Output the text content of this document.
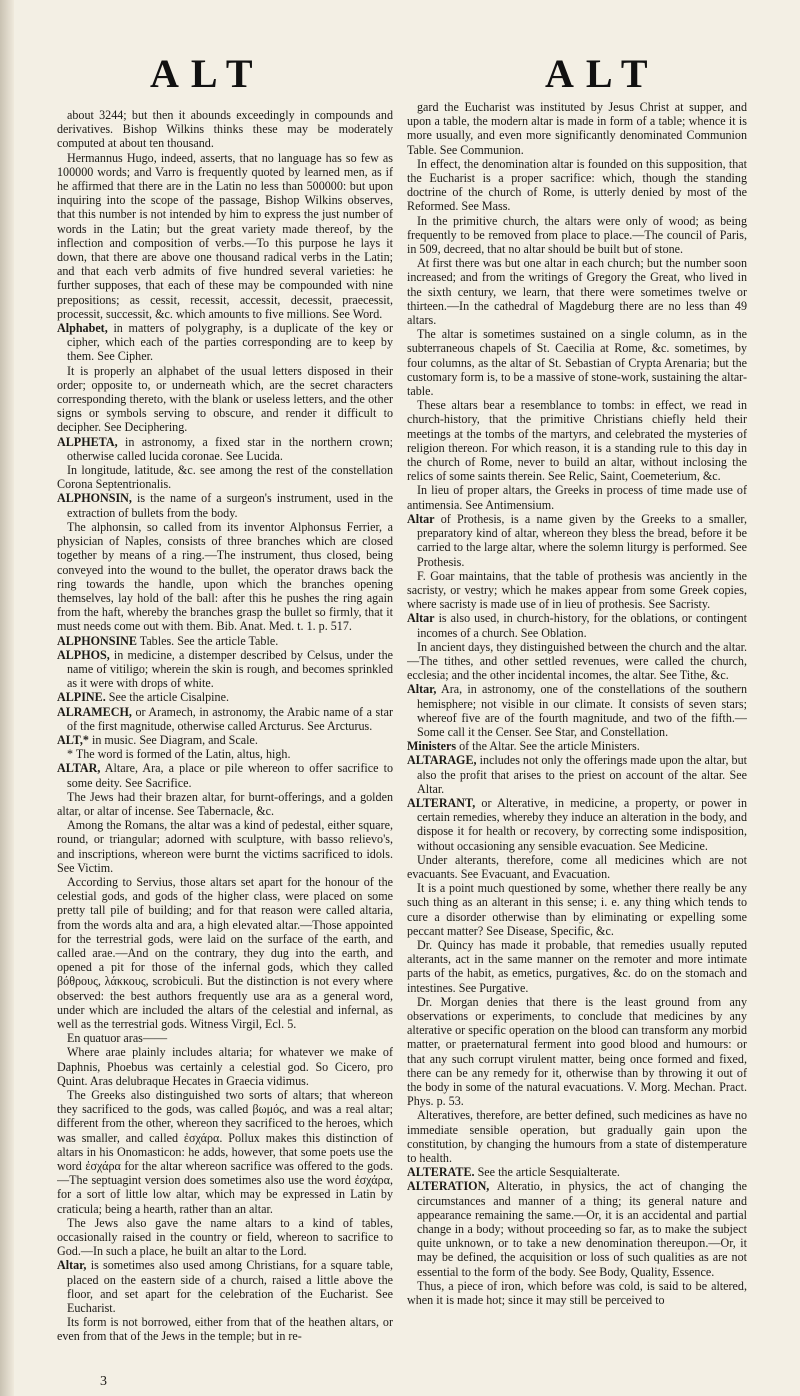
ALT	ALT

about 3244; but then it abounds exceedingly in compounds and derivatives. Bishop Wilkins thinks these may be moderately computed at about ten thousand.

Hermannus Hugo, indeed, asserts, that no language has so few as 100000 words; and Varro is frequently quoted by learned men, as if he affirmed that there are in the Latin no less than 500000: but upon inquiring into the scope of the passage, Bishop Wilkins observes, that this number is not intended by him to express the just number of words in the Latin; but the great variety made thereof, by the inflection and composition of verbs.—To this purpose he lays it down, that there are above one thousand radical verbs in the Latin; and that each verb admits of five hundred several varieties: he further supposes, that each of these may be compounded with nine prepositions; as cessit, recessit, accessit, decessit, praecessit, processit, successit, &c. which amounts to five millions. See Word.

Alphabet, in matters of polygraphy, is a duplicate of the key or cipher, which each of the parties corresponding are to keep by them. See Cipher.

It is properly an alphabet of the usual letters disposed in their order; opposite to, or underneath which, are the secret characters corresponding thereto, with the blank or useless letters, and the other signs or symbols serving to obscure, and render it difficult to decipher. See Deciphering.

ALPHETA, in astronomy, a fixed star in the northern crown; otherwise called lucida coronae. See Lucida.

In longitude, latitude, &c. see among the rest of the constellation Corona Septentrionalis.

ALPHONSIN, is the name of a surgeon's instrument, used in the extraction of bullets from the body.

The alphonsin, so called from its inventor Alphonsus Ferrier, a physician of Naples, consists of three branches which are closed together by means of a ring.—The instrument, thus closed, being conveyed into the wound to the bullet, the operator draws back the ring towards the handle, upon which the branches opening themselves, lay hold of the ball: after this he pushes the ring again from the haft, whereby the branches grasp the bullet so firmly, that it must needs come out with them. Bib. Anat. Med. t. 1. p. 517.

ALPHONSINE Tables. See the article Table.

ALPHOS, in medicine, a distemper described by Celsus, under the name of vitiligo; wherein the skin is rough, and becomes sprinkled as it were with drops of white.

ALPINE. See the article Cisalpine.

ALRAMECH, or Aramech, in astronomy, the Arabic name of a star of the first magnitude, otherwise called Arcturus. See Arcturus.

ALT,* in music. See Diagram, and Scale.

* The word is formed of the Latin, altus, high.

ALTAR, Altare, Ara, a place or pile whereon to offer sacrifice to some deity. See Sacrifice.

The Jews had their brazen altar, for burnt-offerings, and a golden altar, or altar of incense. See Tabernacle, &c.

Among the Romans, the altar was a kind of pedestal, either square, round, or triangular; adorned with sculpture, with basso relievo's, and inscriptions, whereon were burnt the victims sacrificed to idols. See Victim.

According to Servius, those altars set apart for the honour of the celestial gods, and gods of the higher class, were placed on some pretty tall pile of building; and for that reason were called altaria, from the words alta and ara, a high elevated altar.—Those appointed for the terrestrial gods, were laid on the surface of the earth, and called arae.—And on the contrary, they dug into the earth, and opened a pit for those of the infernal gods, which they called βόθρους, λάκκους, scrobiculi. But the distinction is not every where observed: the best authors frequently use ara as a general word, under which are included the altars of the celestial and infernal, as well as the terrestrial gods. Witness Virgil, Ecl. 5.

En quatuor aras——

Where arae plainly includes altaria; for whatever we make of Daphnis, Phoebus was certainly a celestial god. So Cicero, pro Quint. Aras delubraque Hecates in Graecia vidimus.

The Greeks also distinguished two sorts of altars; that whereon they sacrificed to the gods, was called βωμός, and was a real altar; different from the other, whereon they sacrificed to the heroes, which was smaller, and called ἐσχάρα. Pollux makes this distinction of altars in his Onomasticon: he adds, however, that some poets use the word ἐσχάρα for the altar whereon sacrifice was offered to the gods.—The septuagint version does sometimes also use the word ἐσχάρα, for a sort of little low altar, which may be expressed in Latin by craticula; being a hearth, rather than an altar.

The Jews also gave the name altars to a kind of tables, occasionally raised in the country or field, whereon to sacrifice to God.—In such a place, he built an altar to the Lord.

Altar, is sometimes also used among Christians, for a square table, placed on the eastern side of a church, raised a little above the floor, and set apart for the celebration of the Eucharist. See Eucharist.

Its form is not borrowed, either from that of the heathen altars, or even from that of the Jews in the temple; but in re-

gard the Eucharist was instituted by Jesus Christ at supper, and upon a table, the modern altar is made in form of a table; whence it is more usually, and even more significantly denominated Communion Table. See Communion.

In effect, the denomination altar is founded on this supposition, that the Eucharist is a proper sacrifice: which, though the standing doctrine of the church of Rome, is utterly denied by most of the Reformed. See Mass.

In the primitive church, the altars were only of wood; as being frequently to be removed from place to place.—The council of Paris, in 509, decreed, that no altar should be built but of stone.

At first there was but one altar in each church; but the number soon increased; and from the writings of Gregory the Great, who lived in the sixth century, we learn, that there were sometimes twelve or thirteen.—In the cathedral of Magdeburg there are no less than 49 altars.

The altar is sometimes sustained on a single column, as in the subterraneous chapels of St. Caecilia at Rome, &c. sometimes, by four columns, as the altar of St. Sebastian of Crypta Arenaria; but the customary form is, to be a massive of stone-work, sustaining the altar-table.

These altars bear a resemblance to tombs: in effect, we read in church-history, that the primitive Christians chiefly held their meetings at the tombs of the martyrs, and celebrated the mysteries of religion thereon. For which reason, it is a standing rule to this day in the church of Rome, never to build an altar, without inclosing the relics of some saints therein. See Relic, Saint, Coemeterium, &c.

In lieu of proper altars, the Greeks in process of time made use of antimensia. See Antimensium.

Altar of Prothesis, is a name given by the Greeks to a smaller, preparatory kind of altar, whereon they bless the bread, before it be carried to the large altar, where the solemn liturgy is performed. See Prothesis.

F. Goar maintains, that the table of prothesis was anciently in the sacristy, or vestry; which he makes appear from some Greek copies, where sacristy is made use of in lieu of prothesis. See Sacristy.

Altar is also used, in church-history, for the oblations, or contingent incomes of a church. See Oblation.

In ancient days, they distinguished between the church and the altar.—The tithes, and other settled revenues, were called the church, ecclesia; and the other incidental incomes, the altar. See Tithe, &c.

Altar, Ara, in astronomy, one of the constellations of the southern hemisphere; not visible in our climate. It consists of seven stars; whereof five are of the fourth magnitude, and two of the fifth.—Some call it the Censer. See Star, and Constellation.

Ministers of the Altar. See the article Ministers.

ALTARAGE, includes not only the offerings made upon the altar, but also the profit that arises to the priest on account of the altar. See Altar.

ALTERANT, or Alterative, in medicine, a property, or power in certain remedies, whereby they induce an alteration in the body, and dispose it for health or recovery, by correcting some indisposition, without occasioning any sensible evacuation. See Medicine.

Under alterants, therefore, come all medicines which are not evacuants. See Evacuant, and Evacuation.

It is a point much questioned by some, whether there really be any such thing as an alterant in this sense; i. e. any thing which tends to cure a disorder otherwise than by eliminating or expelling some peccant matter? See Disease, Specific, &c.

Dr. Quincy has made it probable, that remedies usually reputed alterants, act in the same manner on the remoter and more intimate parts of the habit, as emetics, purgatives, &c. do on the stomach and intestines. See Purgative.

Dr. Morgan denies that there is the least ground from any observations or experiments, to conclude that medicines by any alterative or specific operation on the blood can transform any morbid matter, or praeternatural ferment into good blood and humours: or that any such corrupt virulent matter, being once formed and fixed, there can be any remedy for it, otherwise than by throwing it out of the body in some of the natural evacuations. V. Morg. Mechan. Pract. Phys. p. 53.

Alteratives, therefore, are better defined, such medicines as have no immediate sensible operation, but gradually gain upon the constitution, by changing the humours from a state of distemperature to health.

ALTERATE. See the article Sesquialterate.

ALTERATION, Alteratio, in physics, the act of changing the circumstances and manner of a thing; its general nature and appearance remaining the same.—Or, it is an accidental and partial change in a body; without proceeding so far, as to make the subject quite unknown, or to take a new denomination thereupon.—Or, it may be defined, the acquisition or loss of such qualities as are not essential to the form of the body. See Body, Quality, Essence.

Thus, a piece of iron, which before was cold, is said to be altered, when it is made hot; since it may still be perceived to

3
